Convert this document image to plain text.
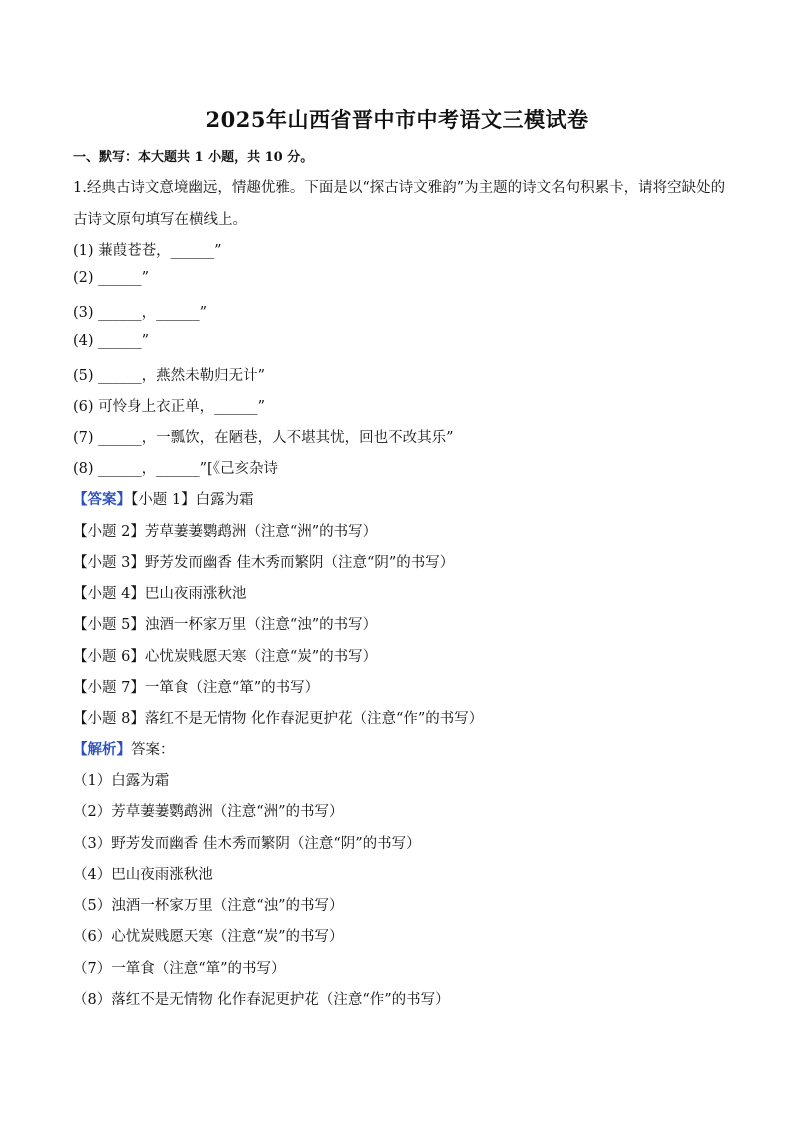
2025年山西省晋中市中考语文三模试卷
一、默写：本大题共 1 小题，共 10 分。
1.经典古诗文意境幽远，情趣优雅。下面是以“探古诗文雅韵”为主题的诗文名句积累卡，请将空缺处的
古诗文原句填写在横线上。
(1) 蒹葭苍苍，______”
(2) ______”
(3) ______，______”
(4) ______”
(5) ______，燕然未勒归无计”
(6) 可怜身上衣正单，______”
(7) ______，一瓢饮，在陋巷，人不堪其忧，回也不改其乐”
(8) ______，______”[《己亥杂诗
【答案】【小题 1】白露为霜
【小题 2】芳草萋萋鹦鹉洲（注意“洲”的书写）
【小题 3】野芳发而幽香 佳木秀而繁阴（注意“阴”的书写）
【小题 4】巴山夜雨涨秋池
【小题 5】浊酒一杯家万里（注意“浊”的书写）
【小题 6】心忧炭贱愿天寒（注意“炭”的书写）
【小题 7】一箪食（注意“箪”的书写）
【小题 8】落红不是无情物 化作春泥更护花（注意“作”的书写）
【解析】答案：
（1）白露为霜
（2）芳草萋萋鹦鹉洲（注意“洲”的书写）
（3）野芳发而幽香 佳木秀而繁阴（注意“阴”的书写）
（4）巴山夜雨涨秋池
（5）浊酒一杯家万里（注意“浊”的书写）
（6）心忧炭贱愿天寒（注意“炭”的书写）
（7）一箪食（注意“箪”的书写）
（8）落红不是无情物 化作春泥更护花（注意“作”的书写）
